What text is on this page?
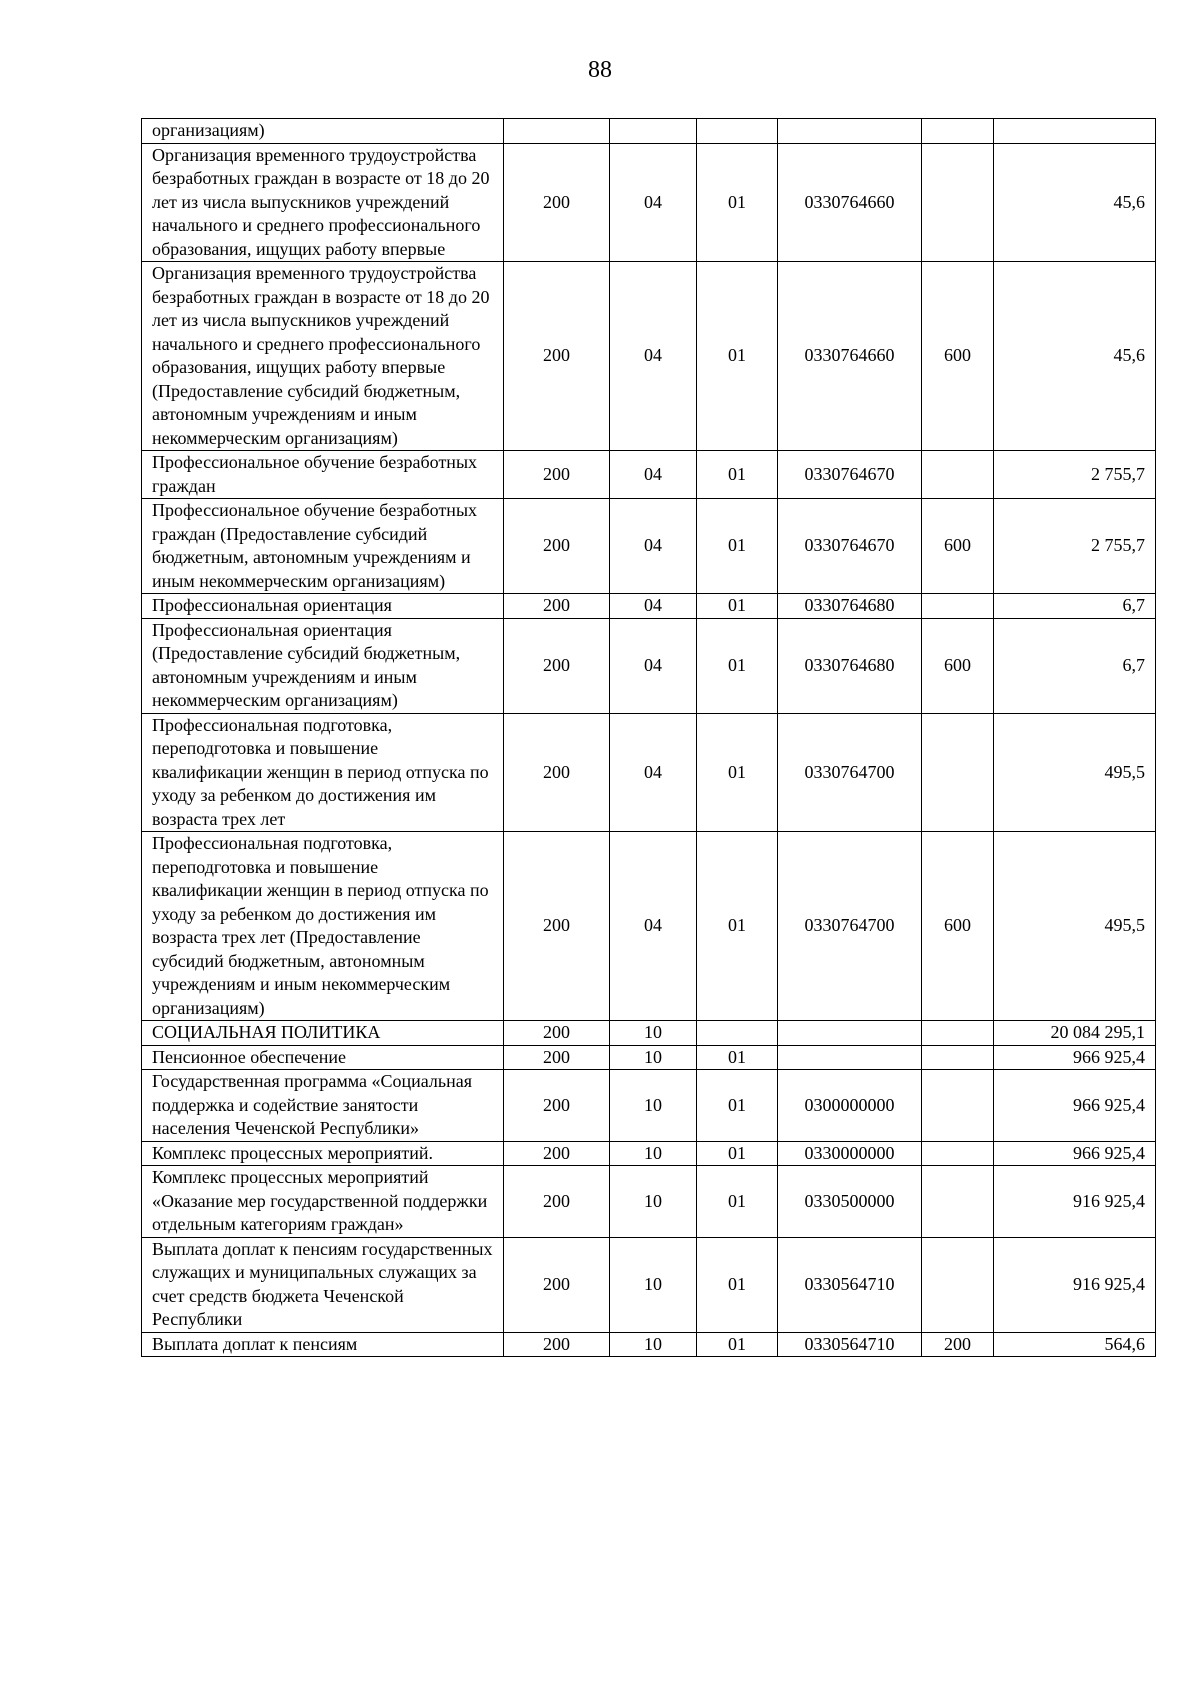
88
организациям)						
Организация временного трудоустройства безработных граждан в возрасте от 18 до 20 лет из числа выпускников учреждений начального и среднего профессионального образования, ищущих работу впервые	200	04	01	0330764660		45,6
Организация временного трудоустройства безработных граждан в возрасте от 18 до 20 лет из числа выпускников учреждений начального и среднего профессионального образования, ищущих работу впервые (Предоставление субсидий бюджетным, автономным учреждениям и иным некоммерческим организациям)	200	04	01	0330764660	600	45,6
Профессиональное обучение безработных граждан	200	04	01	0330764670		2 755,7
Профессиональное обучение безработных граждан (Предоставление субсидий бюджетным, автономным учреждениям и иным некоммерческим организациям)	200	04	01	0330764670	600	2 755,7
Профессиональная ориентация	200	04	01	0330764680		6,7
Профессиональная ориентация (Предоставление субсидий бюджетным, автономным учреждениям и иным некоммерческим организациям)	200	04	01	0330764680	600	6,7
Профессиональная подготовка, переподготовка и повышение квалификации женщин в период отпуска по уходу за ребенком до достижения им возраста трех лет	200	04	01	0330764700		495,5
Профессиональная подготовка, переподготовка и повышение квалификации женщин в период отпуска по уходу за ребенком до достижения им возраста трех лет (Предоставление субсидий бюджетным, автономным учреждениям и иным некоммерческим организациям)	200	04	01	0330764700	600	495,5
СОЦИАЛЬНАЯ ПОЛИТИКА	200	10				20 084 295,1
Пенсионное обеспечение	200	10	01			966 925,4
Государственная программа «Социальная поддержка и содействие занятости населения Чеченской Республики»	200	10	01	0300000000		966 925,4
Комплекс процессных мероприятий.	200	10	01	0330000000		966 925,4
Комплекс процессных мероприятий «Оказание мер государственной поддержки отдельным категориям граждан»	200	10	01	0330500000		916 925,4
Выплата доплат к пенсиям государственных служащих и муниципальных служащих за счет средств бюджета Чеченской Республики	200	10	01	0330564710		916 925,4
Выплата доплат к пенсиям	200	10	01	0330564710	200	564,6
